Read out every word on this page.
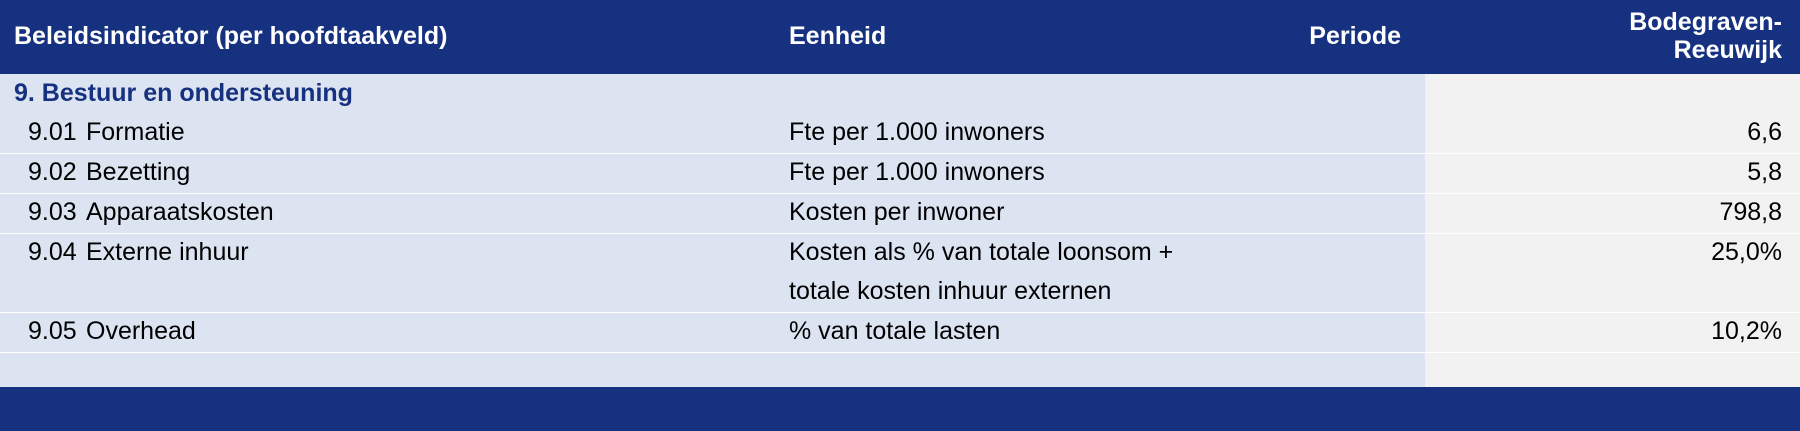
Beleidsindicator (per hoofdtaakveld)	Eenheid	Periode	Bodegraven-
Reeuwijk
9. Bestuur en ondersteuning			
9.01 Formatie	Fte per 1.000 inwoners		6,6
9.02 Bezetting	Fte per 1.000 inwoners		5,8
9.03 Apparaatskosten	Kosten per inwoner		798,8
9.04 Externe inhuur	Kosten als % van totale loonsom +
totale kosten inhuur externen		25,0%
9.05 Overhead	% van totale lasten		10,2%
